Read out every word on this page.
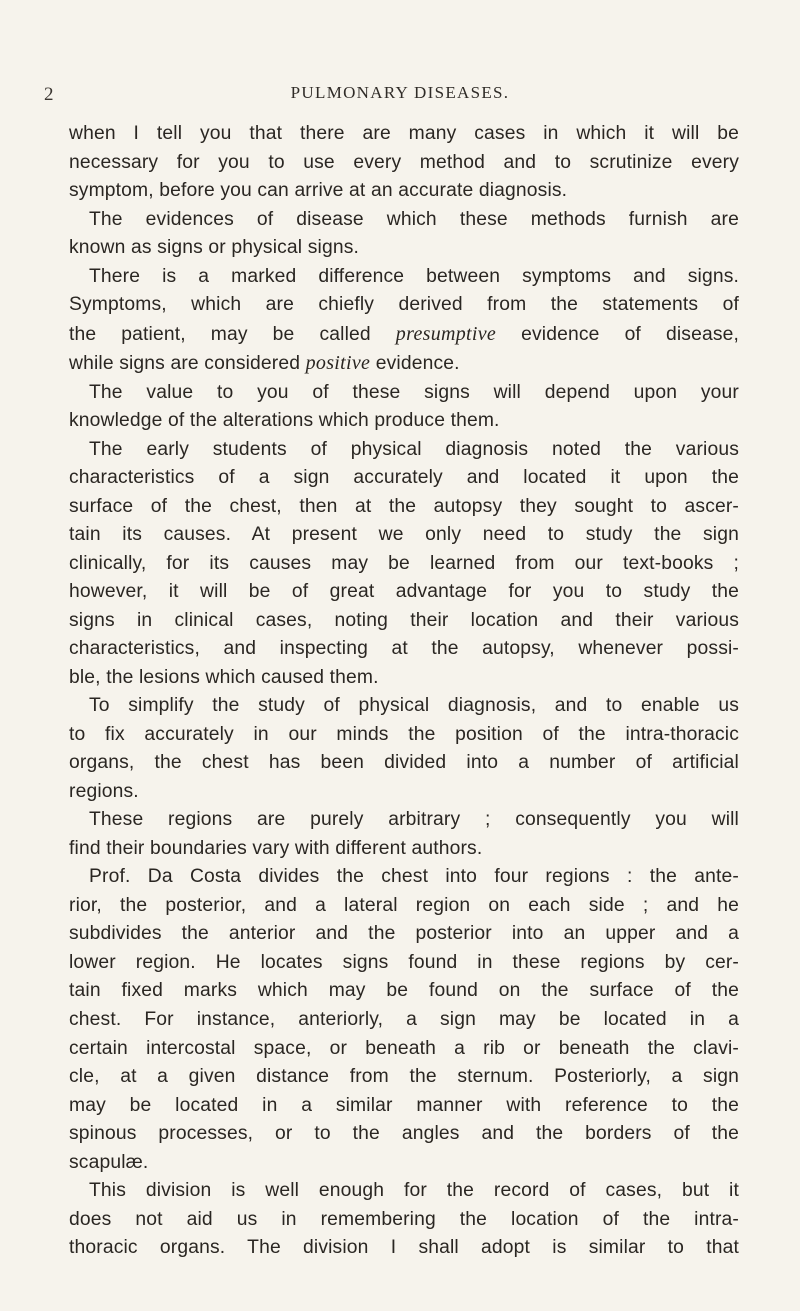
2	PULMONARY DISEASES.
when I tell you that there are many cases in which it will be
necessary for you to use every method and to scrutinize every
symptom, before you can arrive at an accurate diagnosis.
The evidences of disease which these methods furnish are
known as signs or physical signs.
There is a marked difference between symptoms and signs.
Symptoms, which are chiefly derived from the statements of
the patient, may be called presumptive evidence of disease,
while signs are considered positive evidence.
The value to you of these signs will depend upon your
knowledge of the alterations which produce them.
The early students of physical diagnosis noted the various
characteristics of a sign accurately and located it upon the
surface of the chest, then at the autopsy they sought to ascer-
tain its causes. At present we only need to study the sign
clinically, for its causes may be learned from our text-books ;
however, it will be of great advantage for you to study the
signs in clinical cases, noting their location and their various
characteristics, and inspecting at the autopsy, whenever possi-
ble, the lesions which caused them.
To simplify the study of physical diagnosis, and to enable us
to fix accurately in our minds the position of the intra-thoracic
organs, the chest has been divided into a number of artificial
regions.
These regions are purely arbitrary ; consequently you will
find their boundaries vary with different authors.
Prof. Da Costa divides the chest into four regions : the ante-
rior, the posterior, and a lateral region on each side ; and he
subdivides the anterior and the posterior into an upper and a
lower region. He locates signs found in these regions by cer-
tain fixed marks which may be found on the surface of the
chest. For instance, anteriorly, a sign may be located in a
certain intercostal space, or beneath a rib or beneath the clavi-
cle, at a given distance from the sternum. Posteriorly, a sign
may be located in a similar manner with reference to the
spinous processes, or to the angles and the borders of the
scapulæ.
This division is well enough for the record of cases, but it
does not aid us in remembering the location of the intra-
thoracic organs. The division I shall adopt is similar to that
